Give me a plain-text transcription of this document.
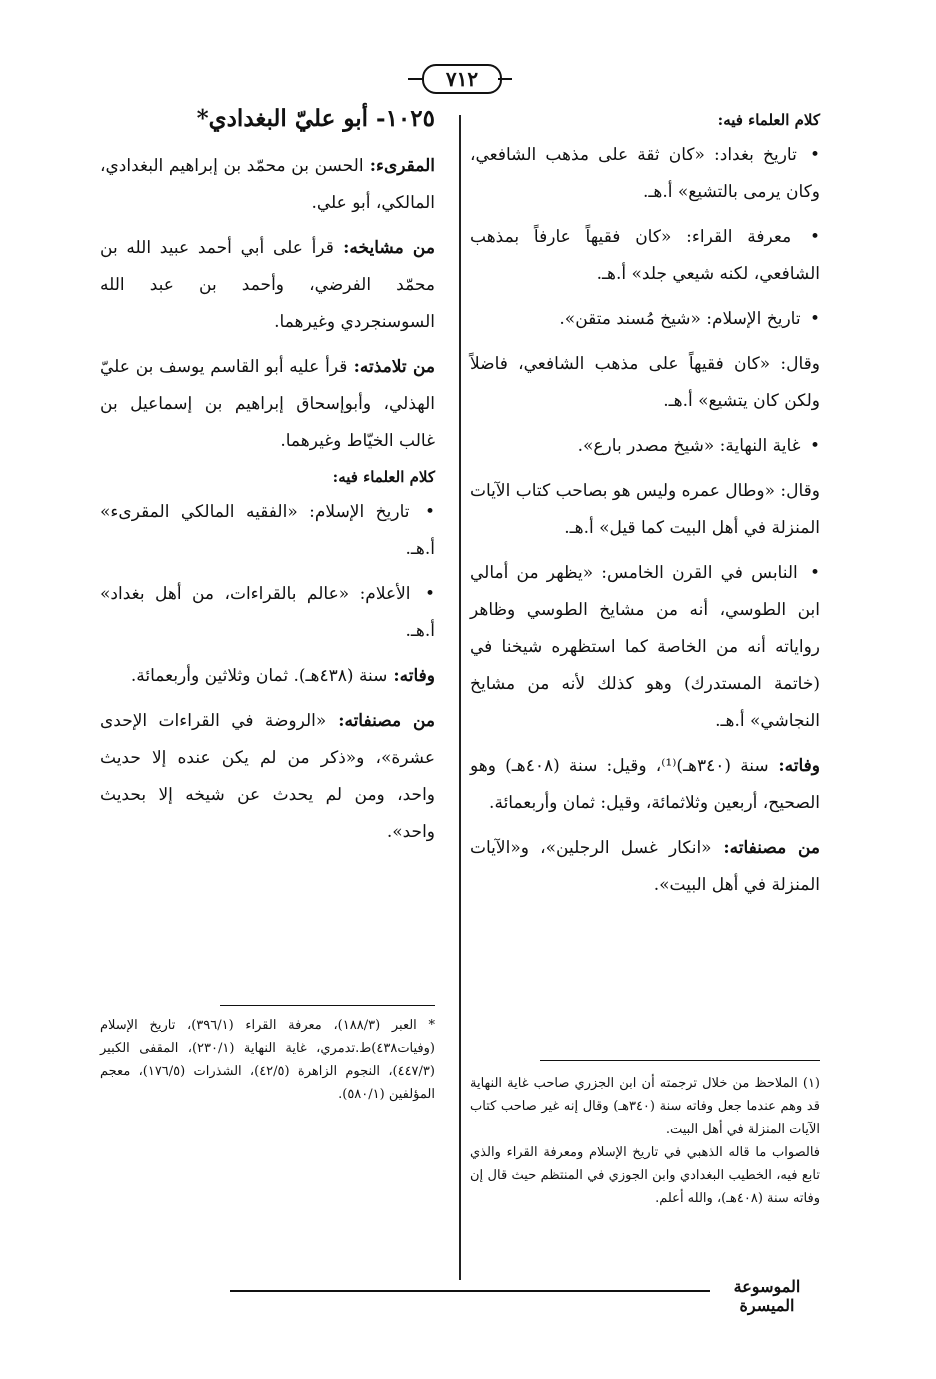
٧١٢
كلام العلماء فيه:

• تاريخ بغداد: «كان ثقة على مذهب الشافعي، وكان يرمى بالتشيع» أ.هـ.

• معرفة القراء: «كان فقيهاً عارفاً بمذهب الشافعي، لكنه شيعي جلد» أ.هـ.

• تاريخ الإسلام: «شيخ مُسند متقن».

وقال: «كان فقيهاً على مذهب الشافعي، فاضلاً ولكن كان يتشيع» أ.هـ.

• غاية النهاية: «شيخ مصدر بارع».

وقال: «وطال عمره وليس هو بصاحب كتاب الآيات المنزلة في أهل البيت كما قيل» أ.هـ.

• النابس في القرن الخامس: «يظهر من أمالي ابن الطوسي، أنه من مشايخ الطوسي وظاهر رواياته أنه من الخاصة كما استظهره شيخنا في (خاتمة المستدرك) وهو كذلك لأنه من مشايخ النجاشي» أ.هـ.

وفاته: سنة (٣٤٠هـ)⁽¹⁾، وقيل: سنة (٤٠٨هـ) وهو الصحيح، أربعين وثلاثمائة، وقيل: ثمان وأربعمائة.

من مصنفاته: «انكار غسل الرجلين»، و«الآيات المنزلة في أهل البيت».

١٠٢٥- أبو عليّ البغدادي*

المقرىء: الحسن بن محمّد بن إبراهيم البغدادي، المالكي، أبو علي.

من مشايخه: قرأ على أبي أحمد عبيد الله بن محمّد الفرضي، وأحمد بن عبد الله السوسنجردي وغيرهما.

من تلامذته: قرأ عليه أبو القاسم يوسف بن عليّ الهذلي، وأبوإسحاق إبراهيم بن إسماعيل بن غالب الخيّاط وغيرهما.

كلام العلماء فيه:

• تاريخ الإسلام: «الفقيه المالكي المقرىء» أ.هـ.

• الأعلام: «عالم بالقراءات، من أهل بغداد» أ.هـ.

وفاته: سنة (٤٣٨هـ). ثمان وثلاثين وأربعمائة.

من مصنفاته: «الروضة في القراءات الإحدى عشرة»، و«ذكر من لم يكن عنده إلا حديث واحد، ومن لم يحدث عن شيخه إلا بحديث واحد».

(١) الملاحظ من خلال ترجمته أن ابن الجزري صاحب غاية النهاية قد وهم عندما جعل وفاته سنة (٣٤٠هـ) وقال إنه غير صاحب كتاب الآيات المنزلة في أهل البيت.

فالصواب ما قاله الذهبي في تاريخ الإسلام ومعرفة القراء والذي تابع فيه، الخطيب البغدادي وابن الجوزي في المنتظم حيث قال إن وفاته سنة (٤٠٨هـ)، والله أعلم.

* العبر (١٨٨/٣)، معرفة القراء (٣٩٦/١)، تاريخ الإسلام (وفيات٤٣٨)ط.تدمري، غاية النهاية (٢٣٠/١)، المقفى الكبير (٤٤٧/٣)، النجوم الزاهرة (٤٢/٥)، الشذرات (١٧٦/٥)، معجم المؤلفين (٥٨٠/١).

الموسوعة الميسرة
